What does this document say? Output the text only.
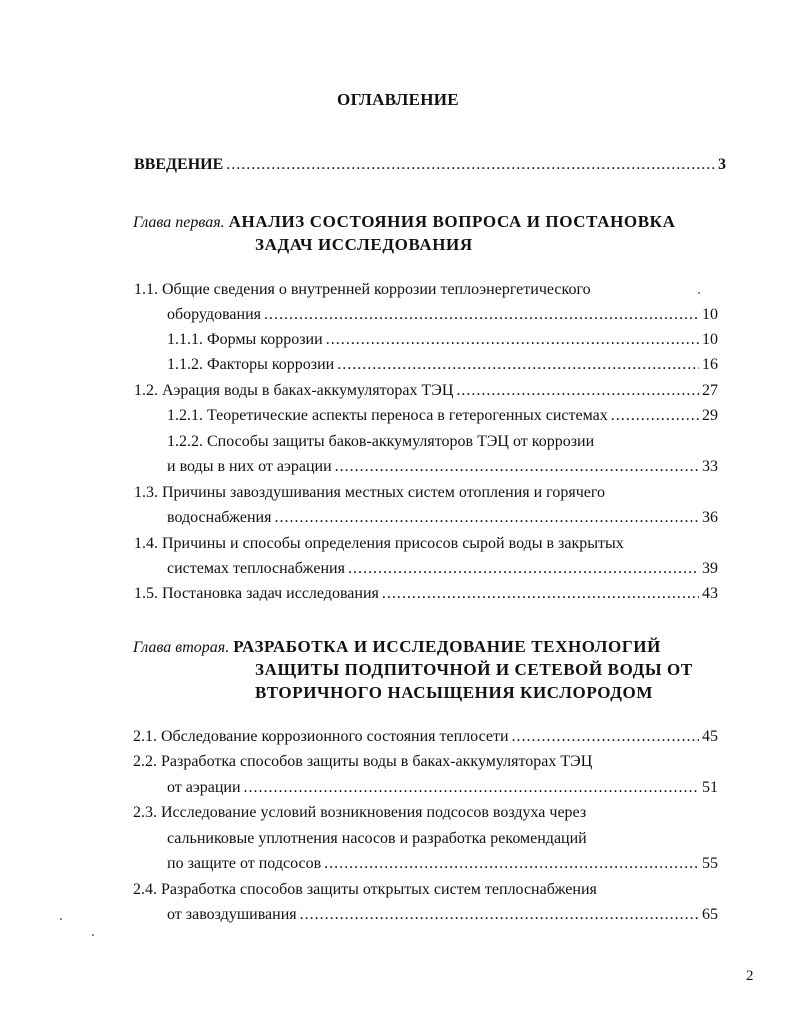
ОГЛАВЛЕНИЕ
ВВЕДЕНИЕ .....	3
Глава первая. АНАЛИЗ СОСТОЯНИЯ ВОПРОСА И ПОСТАНОВКА
ЗАДАЧ ИССЛЕДОВАНИЯ
1.1. Общие сведения о внутренней коррозии теплоэнергетического
оборудования .....	10
1.1.1. Формы коррозии .....	10
1.1.2. Факторы коррозии .....	16
1.2. Аэрация воды в баках-аккумуляторах ТЭЦ .....	27
1.2.1. Теоретические аспекты переноса в гетерогенных системах .....	29
1.2.2. Способы защиты баков-аккумуляторов ТЭЦ от коррозии
и воды в них от аэрации .....	33
1.3. Причины завоздушивания местных систем отопления и горячего
водоснабжения .....	36
1.4. Причины и способы определения присосов сырой воды в закрытых
системах теплоснабжения .....	39
1.5. Постановка задач исследования .....	43
Глава вторая. РАЗРАБОТКА И ИССЛЕДОВАНИЕ ТЕХНОЛОГИЙ
ЗАЩИТЫ ПОДПИТОЧНОЙ И СЕТЕВОЙ ВОДЫ ОТ
ВТОРИЧНОГО НАСЫЩЕНИЯ КИСЛОРОДОМ
2.1. Обследование коррозионного состояния теплосети .....	45
2.2. Разработка способов защиты воды в баках-аккумуляторах ТЭЦ
от аэрации .....	51
2.3. Исследование условий возникновения подсосов воздуха через
сальниковые уплотнения насосов и разработка рекомендаций
по защите от подсосов .....	55
2.4. Разработка способов защиты открытых систем теплоснабжения
от завоздушивания .....	65
2
